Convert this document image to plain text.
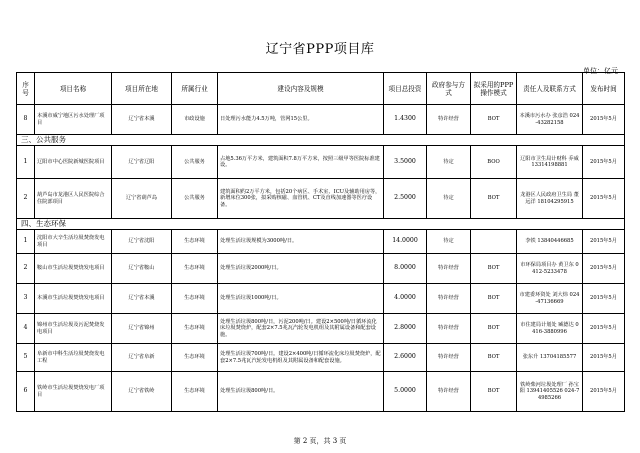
辽宁省PPP项目库
单位：亿元
序号	项目名称	项目所在地	所属行业	建设内容及规模	项目总投资	政府参与方式	拟采用的PPP操作模式	责任人及联系方式	发布时间
8	本溪市威宁地区污水处理厂项目	辽宁省本溪	市政设施	日处理污水能力4.5万吨，管网15公里。	1.4300	特许经营	BOT	本溪市污水办 张彦浩 024-43282158	2015年5月
三、公共服务									
1	辽阳市中心医院新城医院项目	辽宁省辽阳	公共服务	占地5.36万平方米，建筑面积7.8万平方米，按照三级甲等医院标准建设。	3.5000	待定	BOO	辽阳市卫生局计财科 乔威 13314198881	2015年5月
2	葫芦岛市龙港区人民医院综合住院部项目	辽宁省葫芦岛	公共服务	建筑面积约2万平方米，包括20个病区、手术室、ICU及辅助用房等，新增床位300张，拟采购核磁、血管机、CT及直线加速器等医疗设备。	2.5000	待定	BOT	龙港区人民政府卫生局 董远洋 18104295915	2015年5月
四、生态环保									
1	沈阳市大辛生活垃圾焚烧发电项目	辽宁省沈阳	生态环境	处理生活垃圾规模为3000吨/日。	14.0000	待定		李铁 13840446685	2015年5月
2	鞍山市生活垃圾焚烧发电项目	辽宁省鞍山	生态环境	处理生活垃圾2000吨/日。	8.0000	特许经营	BOT	市环保局项目办 黄卫东 0412-5233478	2015年5月
3	本溪市生活垃圾焚烧发电项目	辽宁省本溪	生态环境	处理生活垃圾1000吨/日。	4.0000	特许经营	BOT	市建委环资处 刘大炜 024-47136669	2015年5月
4	锦州市生活垃圾及污泥焚烧发电项目	辽宁省锦州	生态环境	处理生活垃圾800吨/日，污泥200吨/日。建设2×500吨/日循环流化床垃圾焚烧炉，配套2×7.5兆瓦汽轮发电机组及其附属设备和配套设施。	2.8000	特许经营	BOT	市住建局计划处 臧德达 0416-3880996	2015年5月
5	阜新市中科生活垃圾焚烧发电工程	辽宁省阜新	生态环境	处理生活垃圾700吨/日。建设2×400吨/日循环流化床垃圾焚烧炉，配套2×7.5兆瓦汽轮发电机组及其附属设备和配套设施。	2.6000	特许经营	BOT	张东升 13704185577	2015年5月
6	铁岭市生活垃圾焚烧发电厂项目	辽宁省铁岭	生态环境	处理生活垃圾800吨/日。	5.0000	特许经营	BOT	铁岭柴河垃圾处理厂 孙宝阳 13941405526 024-74985266	2015年5月
第 2 页，共 3 页
